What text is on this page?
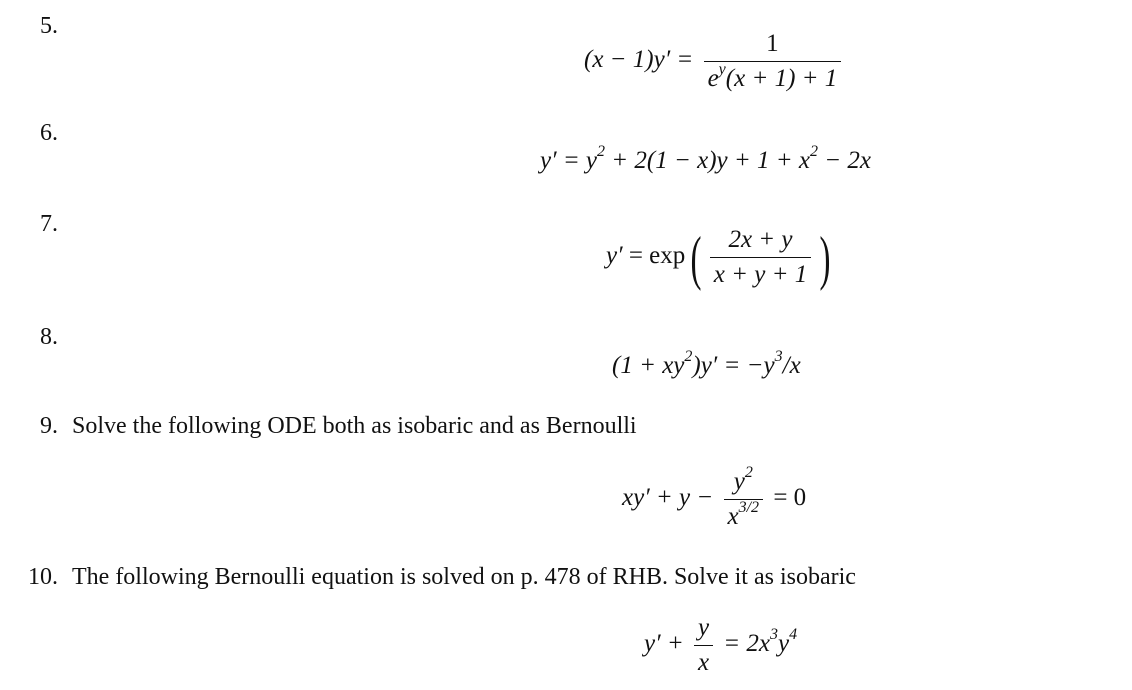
5.
$(x - 1)y' = \frac{1}{e^y(x + 1) + 1}$
6.
$y' = y^2 + 2(1 - x)y + 1 + x^2 - 2x$
7.
y′ = exp ( $\frac{2x + y}{x + y + 1}$ )
8.
$(1 + xy^2)y' = -y^3/x$
9. Solve the following ODE both as isobaric and as Bernoulli
$xy' + y - \frac{y^2}{x^{3/2}} = 0$
10. The following Bernoulli equation is solved on p. 478 of RHB. Solve it as isobaric
$y' + \frac{y}{x} = 2x^3y^4$
